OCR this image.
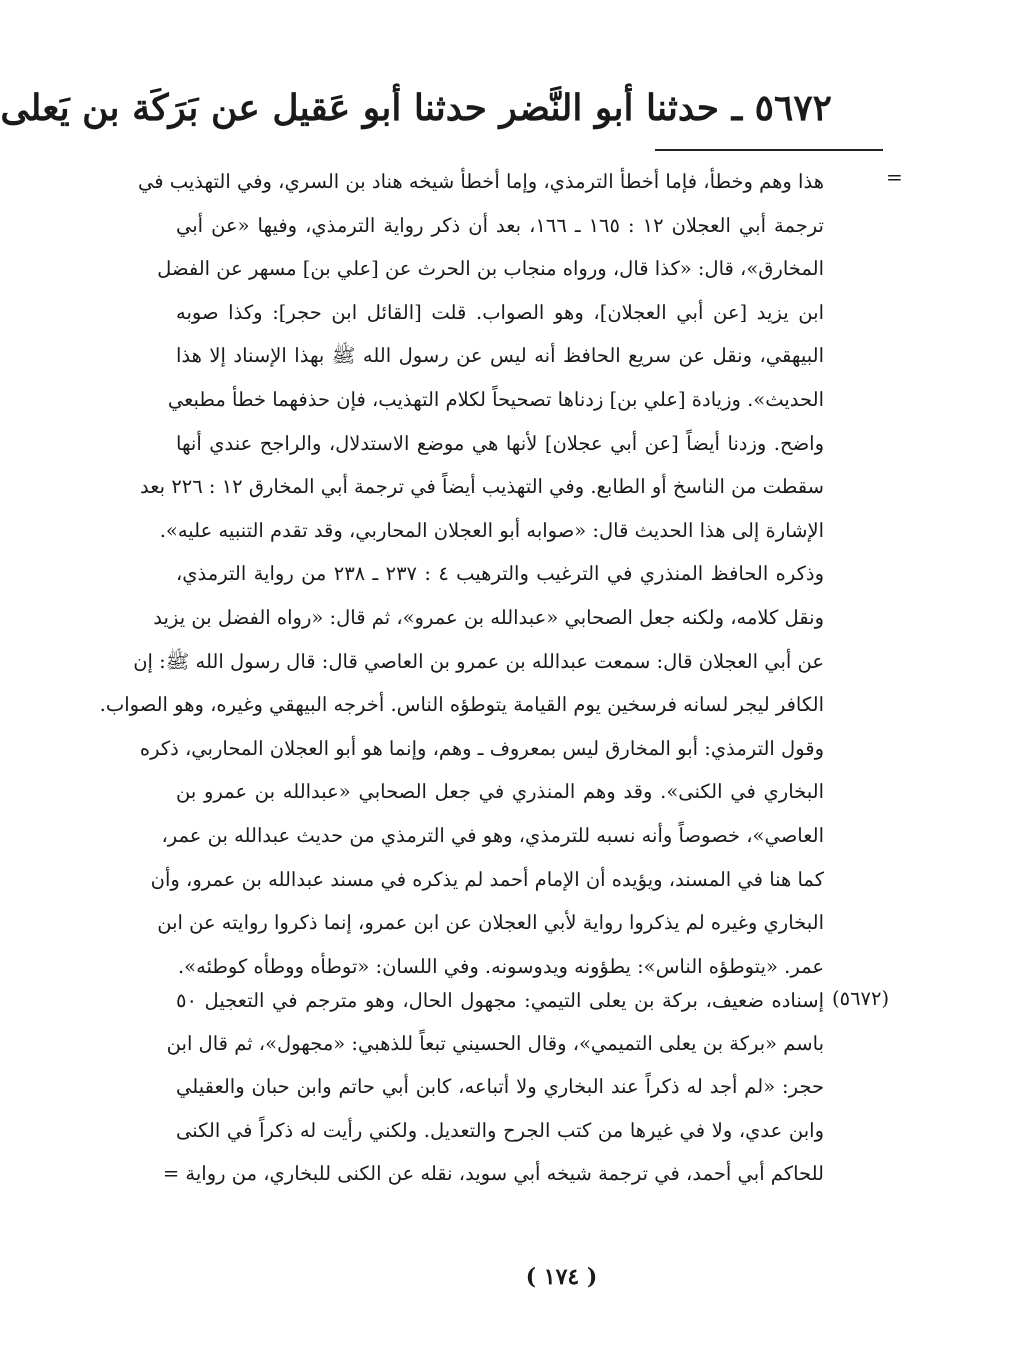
٥٦٧٢ ـ حدثنا أبو النَّضر حدثنا أبو عَقيل عن بَرَكَة بن يَعلى
=
هذا وهم وخطأ، فإما أخطأ الترمذي، وإما أخطأ شيخه هناد بن السري، وفي التهذيب في
ترجمة أبي العجلان ١٢ : ١٦٥ ـ ١٦٦، بعد أن ذكر رواية الترمذي، وفيها «عن أبي
المخارق»، قال: «كذا قال، ورواه منجاب بن الحرث عن [علي بن] مسهر عن الفضل
ابن يزيد [عن أبي العجلان]، وهو الصواب. قلت [القائل ابن حجر]: وكذا صوبه
البيهقي، ونقل عن سريع الحافظ أنه ليس عن رسول الله ﷺ بهذا الإسناد إلا هذا
الحديث». وزيادة [علي بن] زدناها تصحيحاً لكلام التهذيب، فإن حذفهما خطأ مطبعي
واضح. وزدنا أيضاً [عن أبي عجلان] لأنها هي موضع الاستدلال، والراجح عندي أنها
سقطت من الناسخ أو الطابع. وفي التهذيب أيضاً في ترجمة أبي المخارق ١٢ : ٢٢٦ بعد
الإشارة إلى هذا الحديث قال: «صوابه أبو العجلان المحاربي، وقد تقدم التنبيه عليه».
وذكره الحافظ المنذري في الترغيب والترهيب ٤ : ٢٣٧ ـ ٢٣٨ من رواية الترمذي،
ونقل كلامه، ولكنه جعل الصحابي «عبدالله بن عمرو»، ثم قال: «رواه الفضل بن يزيد
عن أبي العجلان قال: سمعت عبدالله بن عمرو بن العاصي قال: قال رسول الله ﷺ: إن
الكافر ليجر لسانه فرسخين يوم القيامة يتوطؤه الناس. أخرجه البيهقي وغيره، وهو الصواب.
وقول الترمذي: أبو المخارق ليس بمعروف ـ وهم، وإنما هو أبو العجلان المحاربي، ذكره
البخاري في الكنى». وقد وهم المنذري في جعل الصحابي «عبدالله بن عمرو بن
العاصي»، خصوصاً وأنه نسبه للترمذي، وهو في الترمذي من حديث عبدالله بن عمر،
كما هنا في المسند، ويؤيده أن الإمام أحمد لم يذكره في مسند عبدالله بن عمرو، وأن
البخاري وغيره لم يذكروا رواية لأبي العجلان عن ابن عمرو، إنما ذكروا روايته عن ابن
عمر. «يتوطؤه الناس»: يطؤونه ويدوسونه. وفي اللسان: «توطأه ووطأه كوطئه».
(٥٦٧٢)
إسناده ضعيف، بركة بن يعلى التيمي: مجهول الحال، وهو مترجم في التعجيل ٥٠
باسم «بركة بن يعلى التميمي»، وقال الحسيني تبعاً للذهبي: «مجهول»، ثم قال ابن
حجر: «لم أجد له ذكراً عند البخاري ولا أتباعه، كابن أبي حاتم وابن حبان والعقيلي
وابن عدي، ولا في غيرها من كتب الجرح والتعديل. ولكني رأيت له ذكراً في الكنى
للحاكم أبي أحمد، في ترجمة شيخه أبي سويد، نقله عن الكنى للبخاري، من رواية =
( ١٧٤ )
